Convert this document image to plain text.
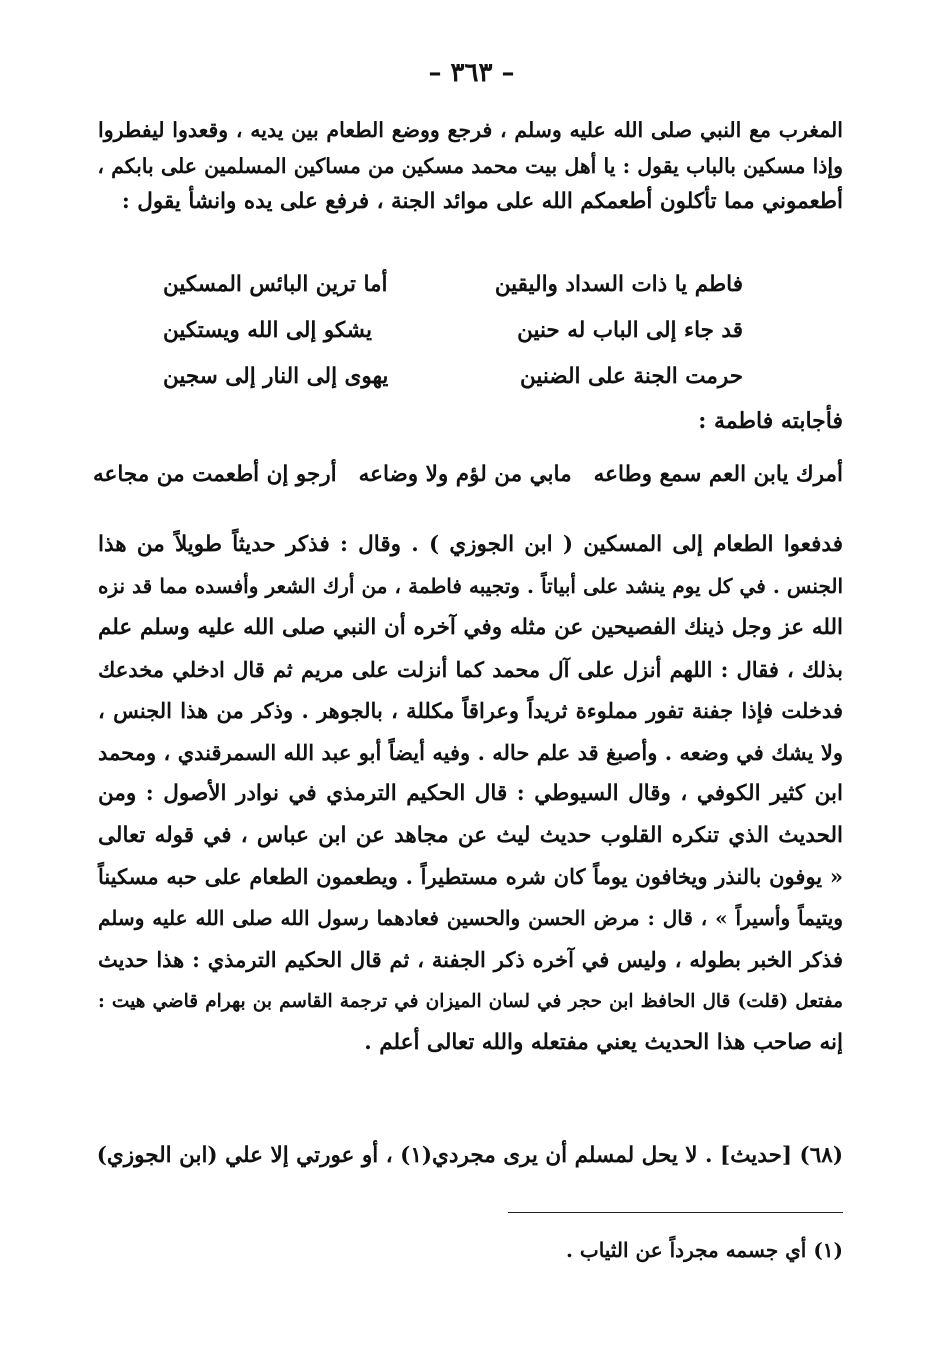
– ٣٦٣ –
المغرب مع النبي صلى الله عليه وسلم ، فرجع ووضع الطعام بين يديه ، وقعدوا ليفطروا
وإذا مسكين بالباب يقول : يا أهل بيت محمد مسكين من مساكين المسلمين على بابكم ،
أطعموني مما تأكلون أطعمكم الله على موائد الجنة ، فرفع على يده وانشأ يقول :
فاطم يا ذات السداد واليقين
أما ترين البائس المسكين
قد جاء إلى الباب له حنين
يشكو إلى الله ويستكين
حرمت الجنة على الضنين
يهوى إلى النار إلى سجين
فأجابته فاطمة :
أمرك يابن العم سمع وطاعه
مابي من لؤم ولا وضاعه
أرجو إن أطعمت من مجاعه
فدفعوا الطعام إلى المسكين ( ابن الجوزي ) . وقال : فذكر حديثاً طويلاً من هذا
الجنس . في كل يوم ينشد على أبياتاً . وتجيبه فاطمة ، من أرك الشعر وأفسده مما قد نزه
الله عز وجل ذينك الفصيحين عن مثله وفي آخره أن النبي صلى الله عليه وسلم علم
بذلك ، فقال : اللهم أنزل على آل محمد كما أنزلت على مريم ثم قال ادخلي مخدعك
فدخلت فإذا جفنة تفور مملوءة ثريداً وعراقاً مكللة ، بالجوهر . وذكر من هذا الجنس ،
ولا يشك في وضعه . وأصبغ قد علم حاله . وفيه أيضاً أبو عبد الله السمرقندي ، ومحمد
ابن كثير الكوفي ، وقال السيوطي : قال الحكيم الترمذي في نوادر الأصول : ومن
الحديث الذي تنكره القلوب حديث ليث عن مجاهد عن ابن عباس ، في قوله تعالى
« يوفون بالنذر ويخافون يوماً كان شره مستطيراً . ويطعمون الطعام على حبه مسكيناً
ويتيماً وأسيراً » ، قال : مرض الحسن والحسين فعادهما رسول الله صلى الله عليه وسلم
فذكر الخبر بطوله ، وليس في آخره ذكر الجفنة ، ثم قال الحكيم الترمذي : هذا حديث
مفتعل (قلت) قال الحافظ ابن حجر في لسان الميزان في ترجمة القاسم بن بهرام قاضي هيت :
إنه صاحب هذا الحديث يعني مفتعله والله تعالى أعلم .
(٦٨) [حديث] . لا يحل لمسلم أن يرى مجردي(١) ، أو عورتي إلا علي (ابن الجوزي)
(١) أي جسمه مجرداً عن الثياب .
